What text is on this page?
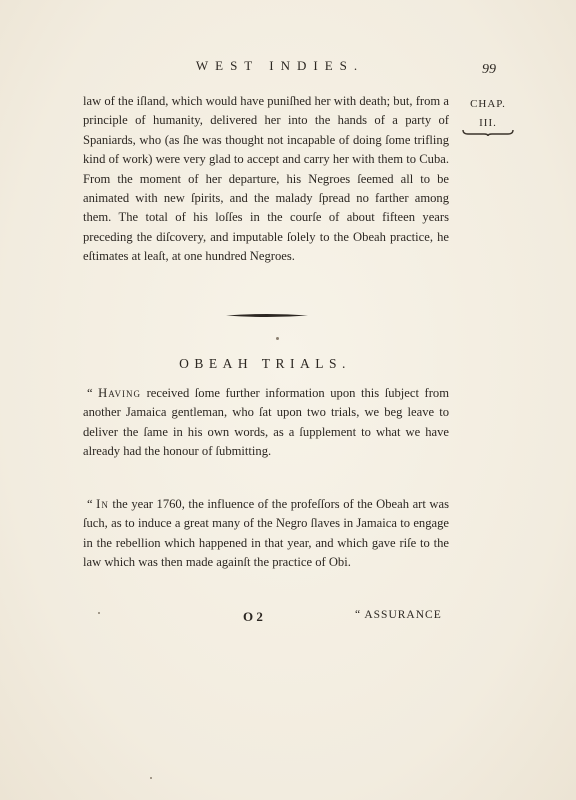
WEST INDIES.	99
CHAP.
III.
law of the iſland, which would have puniſhed her with death; but, from a principle of humanity, delivered her into the hands of a party of Spaniards, who (as ſhe was thought not incapable of doing ſome trifling kind of work) were very glad to accept and carry her with them to Cuba. From the moment of her departure, his Negroes ſeemed all to be animated with new ſpirits, and the malady ſpread no farther among them. The total of his loſſes in the courſe of about fifteen years preceding the diſcovery, and imputable ſolely to the Obeah practice, he eſtimates at leaſt, at one hundred Negroes.
OBEAH TRIALS.
“ Having received ſome further information upon this ſubject from another Jamaica gentleman, who ſat upon two trials, we beg leave to deliver the ſame in his own words, as a ſupplement to what we have already had the honour of ſubmitting.
“ In the year 1760, the influence of the profeſſors of the Obeah art was ſuch, as to induce a great many of the Negro ſlaves in Jamaica to engage in the rebellion which happened in that year, and which gave riſe to the law which was then made againſt the practice of Obi.
O 2	“ ASSURANCE
